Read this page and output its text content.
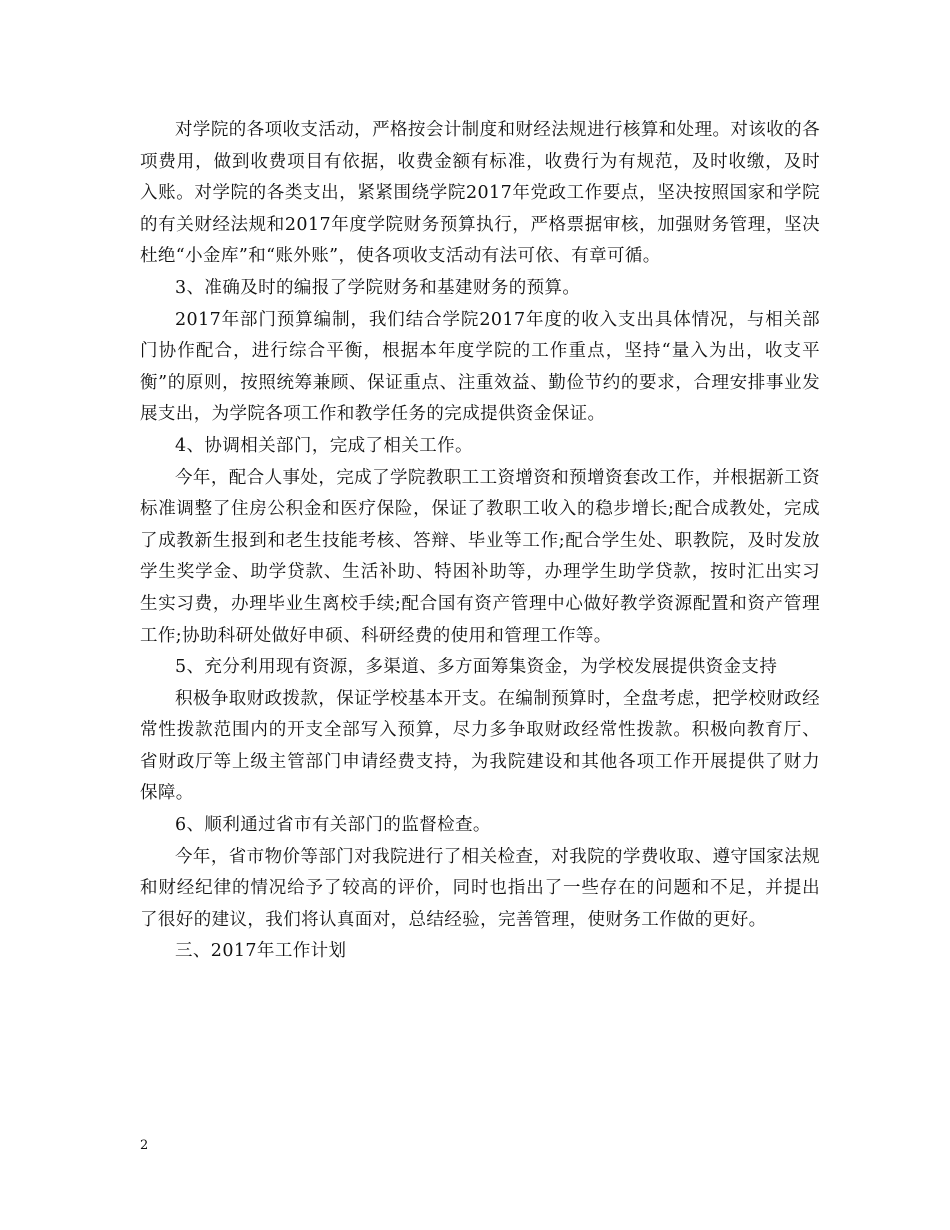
对学院的各项收支活动，严格按会计制度和财经法规进行核算和处理。对该收的各项费用，做到收费项目有依据，收费金额有标准，收费行为有规范，及时收缴，及时入账。对学院的各类支出，紧紧围绕学院2017年党政工作要点，坚决按照国家和学院的有关财经法规和2017年度学院财务预算执行，严格票据审核，加强财务管理，坚决杜绝“小金库”和“账外账”，使各项收支活动有法可依、有章可循。

3、准确及时的编报了学院财务和基建财务的预算。

2017年部门预算编制，我们结合学院2017年度的收入支出具体情况，与相关部门协作配合，进行综合平衡，根据本年度学院的工作重点，坚持“量入为出，收支平衡”的原则，按照统筹兼顾、保证重点、注重效益、勤俭节约的要求，合理安排事业发展支出，为学院各项工作和教学任务的完成提供资金保证。

4、协调相关部门，完成了相关工作。

今年，配合人事处，完成了学院教职工工资增资和预增资套改工作，并根据新工资标准调整了住房公积金和医疗保险，保证了教职工收入的稳步增长;配合成教处，完成了成教新生报到和老生技能考核、答辩、毕业等工作;配合学生处、职教院，及时发放学生奖学金、助学贷款、生活补助、特困补助等，办理学生助学贷款，按时汇出实习生实习费，办理毕业生离校手续;配合国有资产管理中心做好教学资源配置和资产管理工作;协助科研处做好申硕、科研经费的使用和管理工作等。

5、充分利用现有资源，多渠道、多方面筹集资金，为学校发展提供资金支持

积极争取财政拨款，保证学校基本开支。在编制预算时，全盘考虑，把学校财政经常性拨款范围内的开支全部写入预算，尽力多争取财政经常性拨款。积极向教育厅、省财政厅等上级主管部门申请经费支持，为我院建设和其他各项工作开展提供了财力保障。

6、顺利通过省市有关部门的监督检查。

今年，省市物价等部门对我院进行了相关检查，对我院的学费收取、遵守国家法规和财经纪律的情况给予了较高的评价，同时也指出了一些存在的问题和不足，并提出了很好的建议，我们将认真面对，总结经验，完善管理，使财务工作做的更好。

三、2017年工作计划

2
